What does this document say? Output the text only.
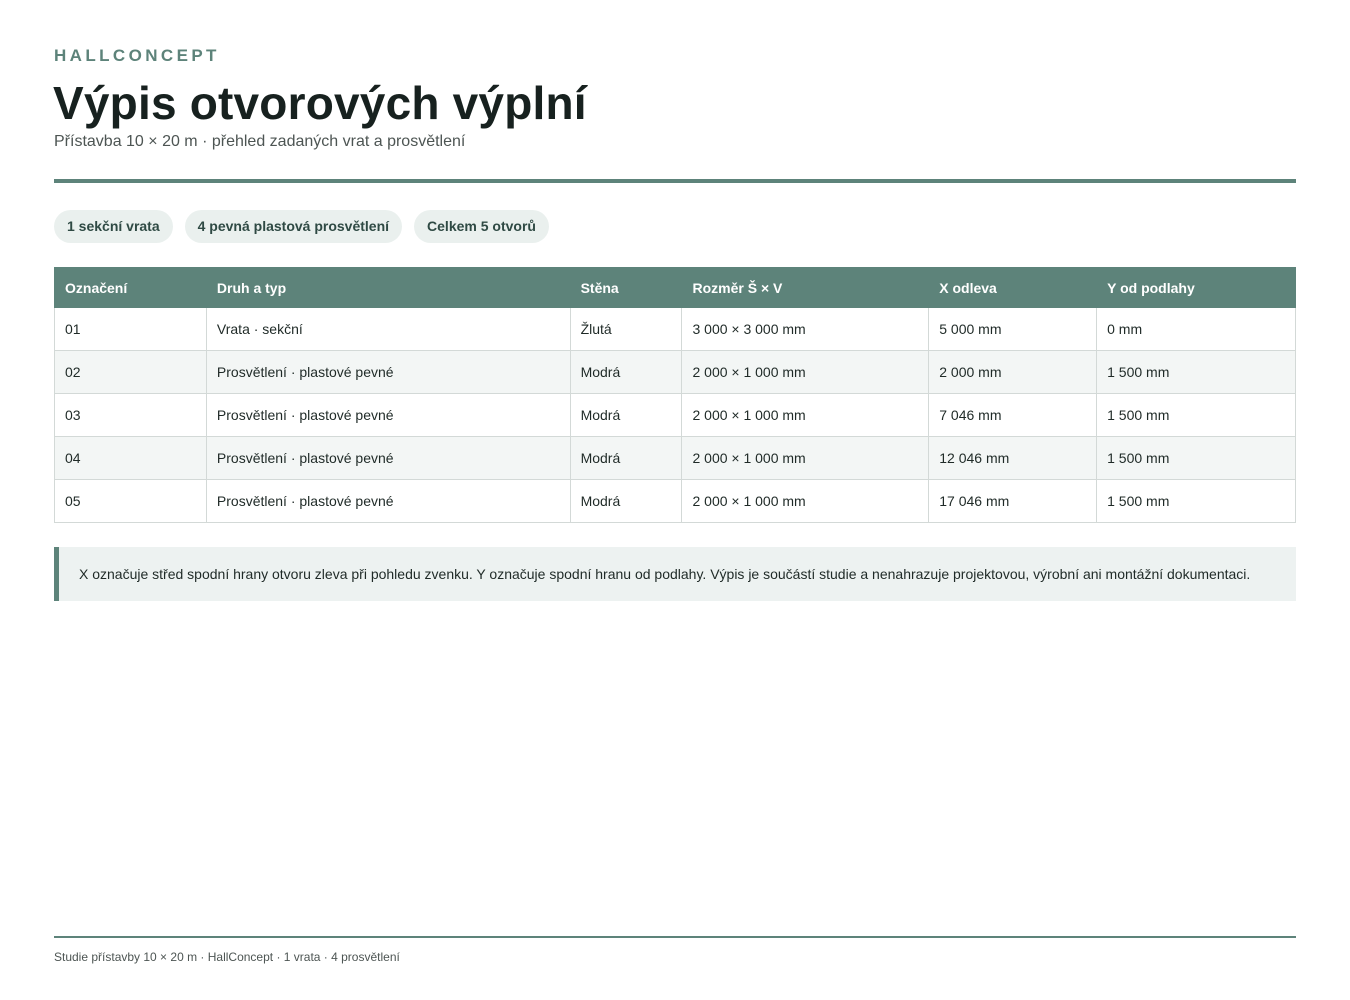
HALLCONCEPT
Výpis otvorových výplní
Přístavba 10 × 20 m · přehled zadaných vrat a prosvětlení
1 sekční vrata	4 pevná plastová prosvětlení	Celkem 5 otvorů
Označení	Druh a typ	Stěna	Rozměr Š × V	X odleva	Y od podlahy
01	Vrata · sekční	Žlutá	3 000 × 3 000 mm	5 000 mm	0 mm
02	Prosvětlení · plastové pevné	Modrá	2 000 × 1 000 mm	2 000 mm	1 500 mm
03	Prosvětlení · plastové pevné	Modrá	2 000 × 1 000 mm	7 046 mm	1 500 mm
04	Prosvětlení · plastové pevné	Modrá	2 000 × 1 000 mm	12 046 mm	1 500 mm
05	Prosvětlení · plastové pevné	Modrá	2 000 × 1 000 mm	17 046 mm	1 500 mm
X označuje střed spodní hrany otvoru zleva při pohledu zvenku. Y označuje spodní hranu od podlahy. Výpis je součástí studie a nenahrazuje projektovou, výrobní ani montážní dokumentaci.
Studie přístavby 10 × 20 m · HallConcept · 1 vrata · 4 prosvětlení
